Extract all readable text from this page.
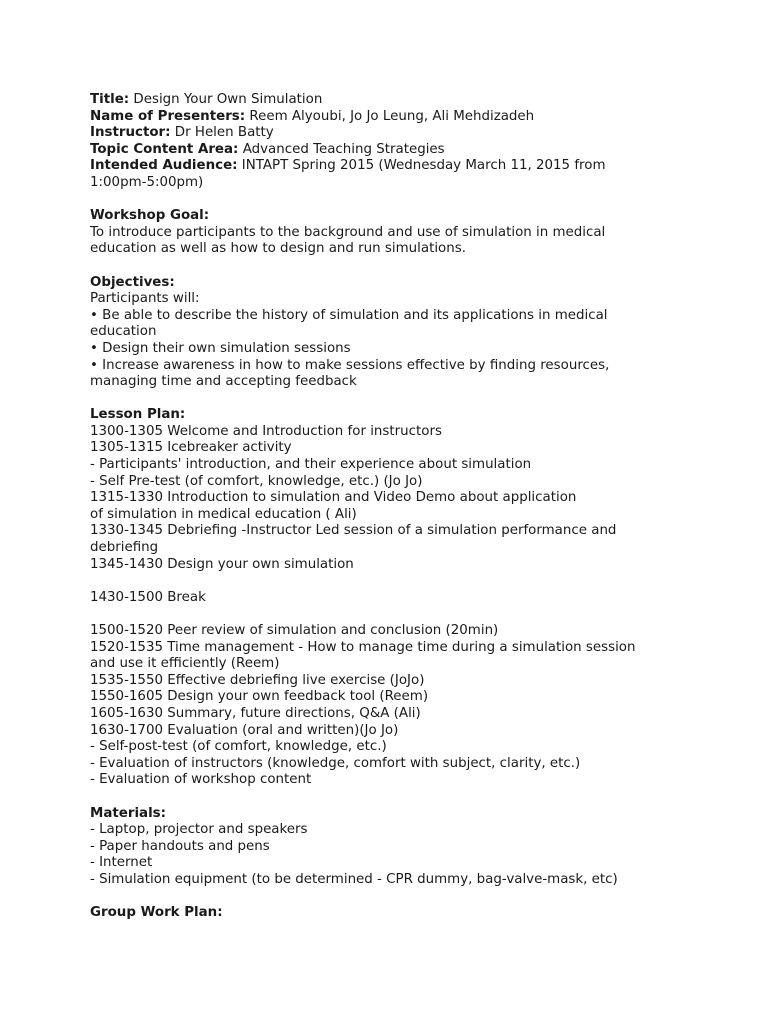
Title: Design Your Own Simulation

Name of Presenters: Reem Alyoubi, Jo Jo Leung, Ali Mehdizadeh

Instructor: Dr Helen Batty

Topic Content Area: Advanced Teaching Strategies

Intended Audience: INTAPT Spring 2015 (Wednesday March 11, 2015 from

1:00pm-5:00pm)

Workshop Goal:

To introduce participants to the background and use of simulation in medical

education as well as how to design and run simulations.

Objectives:

Participants will:

• Be able to describe the history of simulation and its applications in medical

education

• Design their own simulation sessions

• Increase awareness in how to make sessions effective by finding resources,

managing time and accepting feedback

Lesson Plan:

1300-1305 Welcome and Introduction for instructors

1305-1315 Icebreaker activity

- Participants' introduction, and their experience about simulation

- Self Pre-test (of comfort, knowledge, etc.) (Jo Jo)

1315-1330 Introduction to simulation and Video Demo about application

of simulation in medical education ( Ali)

1330-1345 Debriefing -Instructor Led session of a simulation performance and

debriefing

1345-1430 Design your own simulation

1430-1500 Break

1500-1520 Peer review of simulation and conclusion (20min)

1520-1535 Time management - How to manage time during a simulation session

and use it efficiently (Reem)

1535-1550 Effective debriefing live exercise (JoJo)

1550-1605 Design your own feedback tool (Reem)

1605-1630 Summary, future directions, Q&A (Ali)

1630-1700 Evaluation (oral and written)(Jo Jo)

- Self-post-test (of comfort, knowledge, etc.)

- Evaluation of instructors (knowledge, comfort with subject, clarity, etc.)

- Evaluation of workshop content

Materials:

- Laptop, projector and speakers

- Paper handouts and pens

- Internet

- Simulation equipment (to be determined - CPR dummy, bag-valve-mask, etc)

Group Work Plan:
